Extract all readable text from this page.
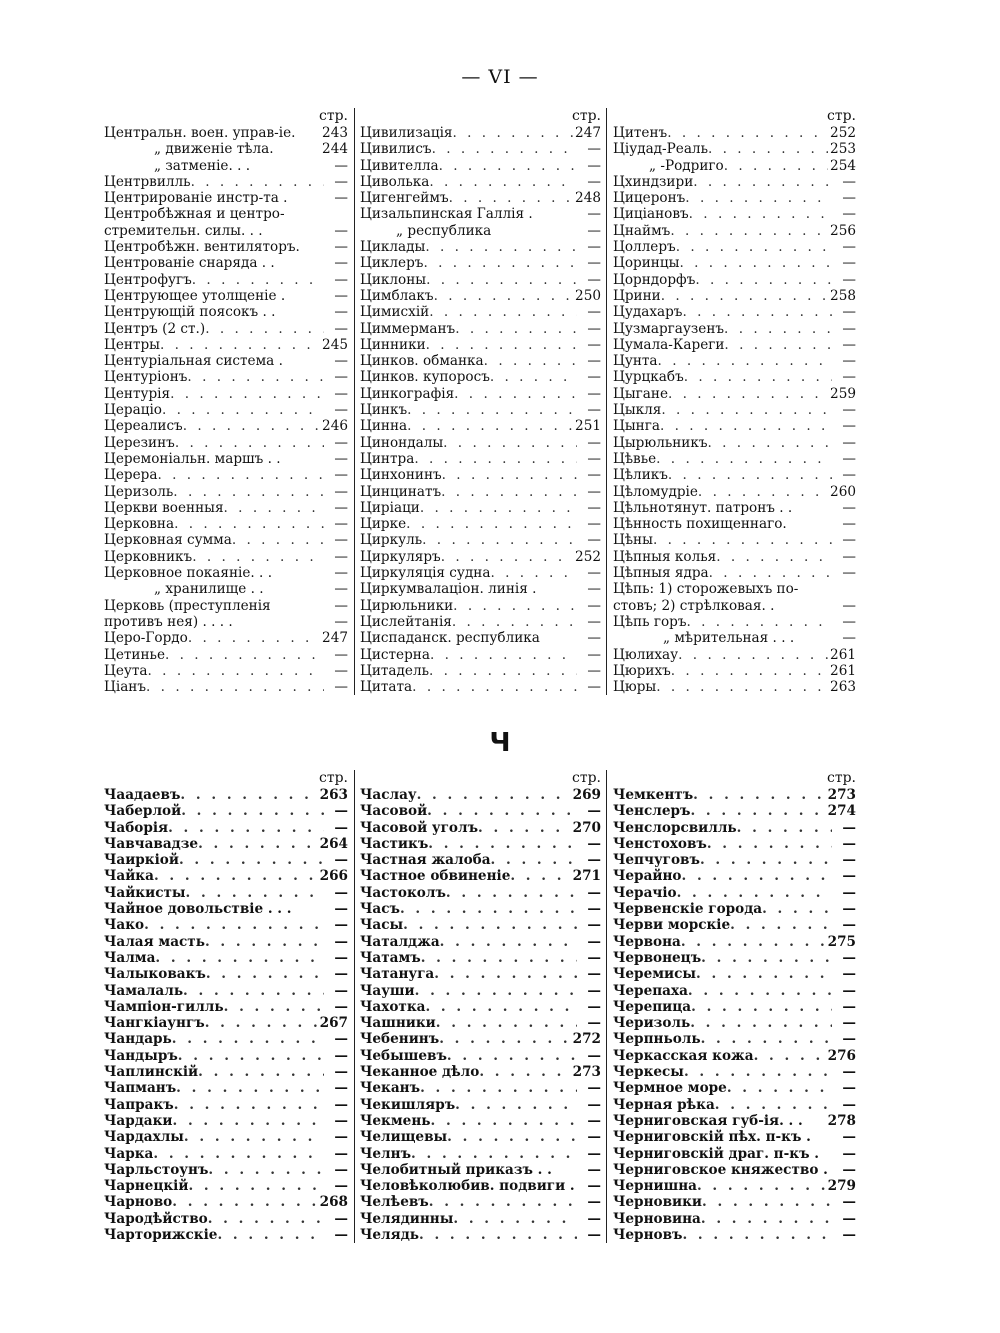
— VI —
стр.
Центральн. воен. управ-іе. 243
„ движеніе тѣла.	244
„ затменіе. . .	—
Центрвилль . . .	—
Центрированіе инстр-та .	—
Центробѣжная и центро-
стремительн. силы. . .	—
Центробѣжн. вентиляторъ.	—
Центрованіе снаряда . .	—
Центрофугъ . . .	—
Центрующее утолщеніе .	—
Центрующій поясокъ . .	—
Центръ (2 ст.) . . .	—
Центры . . .	245
Центуріальная система .	—
Центуріонъ . . .	—
Центурія . . .	—
Цераціо . . .	—
Цереалисъ . . .	246
Церезинъ . . .	—
Церемоніальн. маршъ . .	—
Церера . . .	—
Церизоль . . .	—
Церкви военныя . . .	—
Церковна . . .	—
Церковная сумма . . .	—
Церковникъ . . .	—
Церковное покаяніе. . .	—
„ хранилище . .	—
Церковь (преступленія	—
противъ нея) . . . .	—
Церо-Гордо . . .	247
Цетинье . . .	—
Цеута . . .	—
Ціанъ . . .	—
стр.
Цивилизація . . .	247
Цивилисъ . . .	—
Цивителла . . .	—
Циволька . . .	—
Цигенгеймъ . . .	248
Цизальпинская Галлія .	—
„ республика	—
Циклады . . .	—
Циклеръ . . .	—
Циклоны . . .	—
Цимблакъ . . .	250
Цимисхій . . .	—
Циммерманъ . . .	—
Цинники . . .	—
Цинков. обманка . . .	—
Цинков. купоросъ . . .	—
Цинкографія . . .	—
Цинкъ . . .	—
Цинна . . .	251
Цинондалы . . .	—
Цинтра . . .	—
Цинхонинъ . . .	—
Цинцинатъ . . .	—
Циріаци . . .	—
Цирке . . .	—
Циркуль . . .	—
Циркуляръ . . .	252
Циркуляція судна . . .	—
Циркумвалаціон. линія .	—
Цирюльники . . .	—
Цислейтанія . . .	—
Циспаданск. республика	—
Цистерна . . .	—
Цитадель . . .	—
Цитата . . .	—
стр.
Цитенъ . . .	252
Ціудад-Реаль . . .	253
„ -Родриго . . .	254
Цхиндзири . . .	—
Цицеронъ . . .	—
Циціановъ . . .	—
Цнаймъ . . .	256
Цоллеръ . . .	—
Цоринцы . . .	—
Цорндорфъ . . .	—
Црини . . .	258
Цудахаръ . . .	—
Цузмаргаузенъ . . .	—
Цумала-Кареги . . .	—
Цунта . . .	—
Цурцкабъ . . .	—
Цыгане . . .	259
Цыкля . . .	—
Цынга . . .	—
Цырюльникъ . . .	—
Цѣвье . . .	—
Цѣликъ . . .	—
Цѣломудріе . . .	260
Цѣльнотянут. патронъ . .	—
Цѣнность похищеннаго.	—
Цѣны . . .	—
Цѣпныя колья . . .	—
Цѣпныя ядра . . .	—
Цѣпь: 1) сторожевыхъ по-
стовъ; 2) стрѣлковая. .	—
Цѣпь горъ . . .	—
„ мѣрительная . . .	—
Цюлихау . . .	261
Цюрихъ . . .	261
Цюры . . .	263
Ч
стр.
Чаадаевъ . . .	263
Чаберлой . . .	—
Чаборія . . .	—
Чавчавадзе . . .	264
Чаиркіой . . .	—
Чайка . . .	266
Чайкисты . . .	—
Чайное довольствіе . . .	—
Чако . . .	—
Чалая масть . . .	—
Чалма . . .	—
Чалыковакъ . . .	—
Чамалаль . . .	—
Чампіон-гилль . . .	—
Чангкіаунгъ . . .	267
Чандарь . . .	—
Чандыръ . . .	—
Чаплинскій . . .	—
Чапманъ . . .	—
Чапракъ . . .	—
Чардаки . . .	—
Чардахлы . . .	—
Чарка . . .	—
Чарльстоунъ . . .	—
Чарнецкій . . .	—
Чарново . . .	268
Чародѣйство . . .	—
Чарторижскіе . . .	—
стр.
Часлау . . .	269
Часовой . . .	—
Часовой уголъ . . .	270
Частикъ . . .	—
Частная жалоба . . .	—
Частное обвиненіе . . .	271
Частоколъ . . .	—
Часъ . . .	—
Часы . . .	—
Чаталджа . . .	—
Чатамъ . . .	—
Чатануга . . .	—
Чауши . . .	—
Чахотка . . .	—
Чашники . . .	—
Чебенинъ . . .	272
Чебышевъ . . .	—
Чеканное дѣло . . .	273
Чеканъ . . .	—
Чекишляръ . . .	—
Чекмень . . .	—
Челищевы . . .	—
Челнъ . . .	—
Челобитный приказъ . .	—
Человѣколюбив. подвиги . —
Челѣевъ . . .	—
Челядинны . . .	—
Челядь . . .	—
стр.
Чемкентъ . . .	273
Ченслеръ . . .	274
Ченслорсвилль . . .	—
Ченстоховъ . . .	—
Чепчуговъ . . .	—
Черайно . . .	—
Черачіо . . .	—
Червенскіе города . . .	—
Черви морскіе . . .	—
Червона . . .	275
Червонецъ . . .	—
Черемисы . . .	—
Черепаха . . .	—
Черепица . . .	—
Черизоль . . .	—
Черпньоль . . .	—
Черкасская кожа . . .	276
Черкесы . . .	—
Чермное море . . .	—
Черная рѣка . . .	—
Черниговская губ-ія. . . 278
Черниговскій пѣх. п-къ .	—
Черниговскій драг. п-къ .	—
Черниговское княжество .	—
Чернишна . . .	279
Черновики . . .	—
Черновина . . .	—
Черновъ . . .	—
